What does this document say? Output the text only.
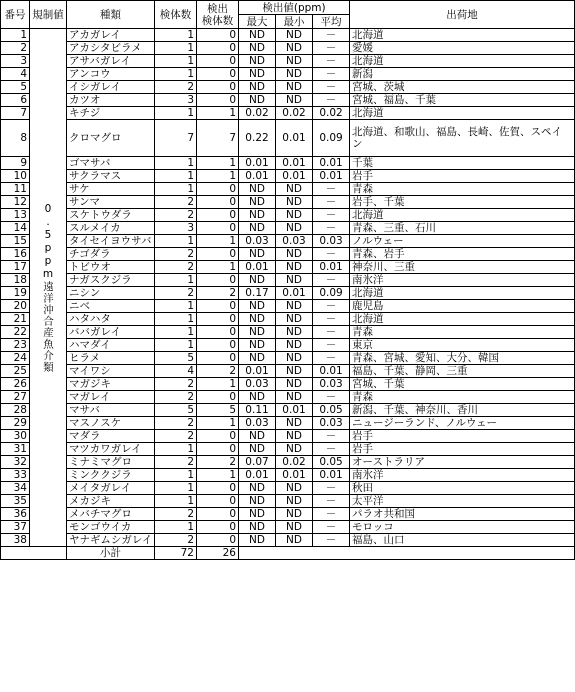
番号	規制値	種類	検体数	検出
検体数	検出値(ppm)			出荷地
					最大	最小	平均	
1	0.5ppm遠洋沖合産魚介類	アカガレイ	1	0	ND	ND	－	北海道
2		アカシタビラメ	1	0	ND	ND	－	愛媛
3		アサバガレイ	1	0	ND	ND	－	北海道
4		アンコウ	1	0	ND	ND	－	新潟
5		イシガレイ	2	0	ND	ND	－	宮城、茨城
6		カツオ	3	0	ND	ND	－	宮城、福島、千葉
7		キチジ	1	1	0.02	0.02	0.02	北海道
8		クロマグロ	7	7	0.22	0.01	0.09	北海道、和歌山、福島、長崎、佐賀、スペイン
9		ゴマサバ	1	1	0.01	0.01	0.01	千葉
10		サクラマス	1	1	0.01	0.01	0.01	岩手
11		サケ	1	0	ND	ND	－	青森
12		サンマ	2	0	ND	ND	－	岩手、千葉
13		スケトウダラ	2	0	ND	ND	－	北海道
14		スルメイカ	3	0	ND	ND	－	青森、三重、石川
15		タイセイヨウサバ	1	1	0.03	0.03	0.03	ノルウェー
16		チゴダラ	2	0	ND	ND	－	青森、岩手
17		トビウオ	2	1	0.01	ND	0.01	神奈川、三重
18		ナガスクジラ	1	0	ND	ND	－	南氷洋
19		ニシン	2	2	0.17	0.01	0.09	北海道
20		ニベ	1	0	ND	ND	－	鹿児島
21		ハタハタ	1	0	ND	ND	－	北海道
22		ババガレイ	1	0	ND	ND	－	青森
23		ハマダイ	1	0	ND	ND	－	東京
24		ヒラメ	5	0	ND	ND	－	青森、宮城、愛知、大分、韓国
25		マイワシ	4	2	0.01	ND	0.01	福島、千葉、静岡、三重
26		マガジキ	2	1	0.03	ND	0.03	宮城、千葉
27		マガレイ	2	0	ND	ND	－	青森
28		マサバ	5	5	0.11	0.01	0.05	新潟、千葉、神奈川、香川
29		マスノスケ	2	1	0.03	ND	0.03	ニュージーランド、ノルウェー
30		マダラ	2	0	ND	ND	－	岩手
31		マツカワガレイ	1	0	ND	ND	－	岩手
32		ミナミマグロ	2	2	0.07	0.02	0.05	オーストラリア
33		ミンククジラ	1	1	0.01	0.01	0.01	南氷洋
34		メイタガレイ	1	0	ND	ND	－	秋田
35		メカジキ	1	0	ND	ND	－	太平洋
36		メバチマグロ	2	0	ND	ND	－	パラオ共和国
37		モンゴウイカ	1	0	ND	ND	－	モロッコ
38		ヤナギムシガレイ	2	0	ND	ND	－	福島、山口
		小計	72	26				
